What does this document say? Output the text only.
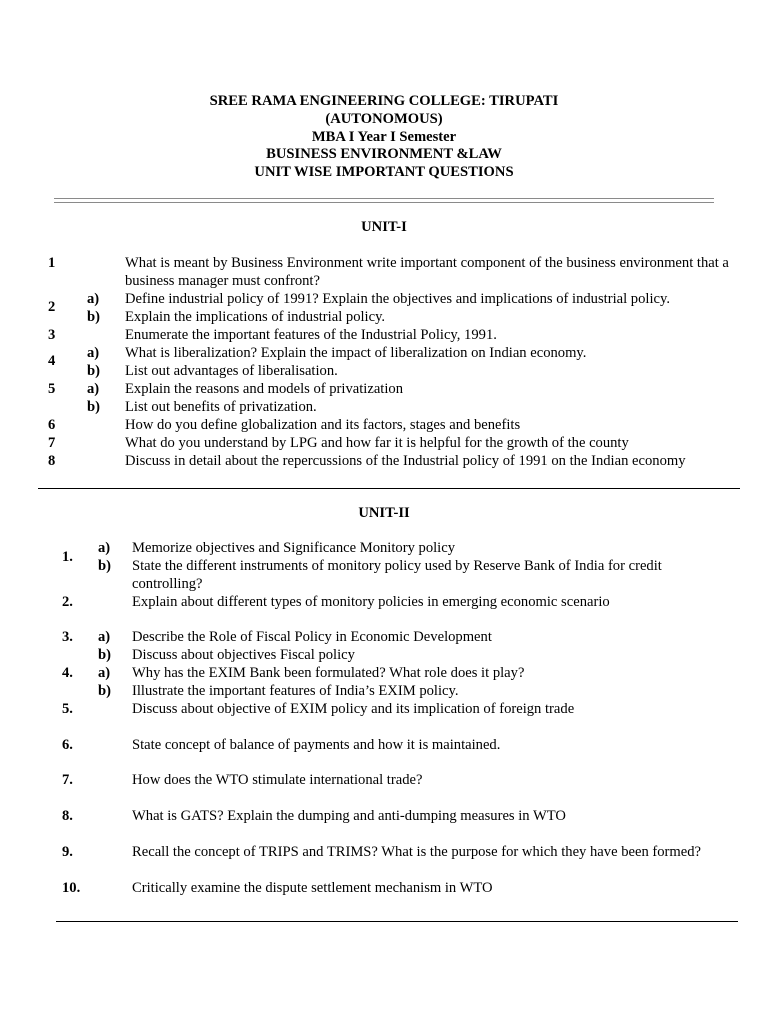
SREE RAMA ENGINEERING COLLEGE: TIRUPATI
(AUTONOMOUS)
MBA I Year I Semester
BUSINESS ENVIRONMENT &LAW
UNIT WISE IMPORTANT QUESTIONS
UNIT-I
1	What is meant by Business Environment write important component of the business environment that a business manager must confront?
2 a) Define industrial policy of 1991? Explain the objectives and implications of industrial policy.
b) Explain the implications of industrial policy.
3	Enumerate the important features of the Industrial Policy, 1991.
4 a) What is liberalization? Explain the impact of liberalization on Indian economy.
b) List out advantages of liberalisation.
5 a) Explain the reasons and models of privatization
b) List out benefits of privatization.
6	How do you define globalization and its factors, stages and benefits
7	What do you understand by LPG and how far it is helpful for the growth of the county
8	Discuss in detail about the repercussions of the Industrial policy of 1991 on the Indian economy
UNIT-II
1.
a) Memorize objectives and Significance Monitory policy
b) State the different instruments of monitory policy used by Reserve Bank of India for credit controlling?
2.	Explain about different types of monitory policies in emerging economic scenario
3. a) Describe the Role of Fiscal Policy in Economic Development
b) Discuss about objectives Fiscal policy
4. a) Why has the EXIM Bank been formulated? What role does it play?
b) Illustrate the important features of India’s EXIM policy.
5.	Discuss about objective of EXIM policy and its implication of foreign trade
6.	State concept of balance of payments and how it is maintained.
7.	How does the WTO stimulate international trade?
8.	What is GATS? Explain the dumping and anti-dumping measures in WTO
9.	Recall the concept of TRIPS and TRIMS? What is the purpose for which they have been formed?
10.	Critically examine the dispute settlement mechanism in WTO
